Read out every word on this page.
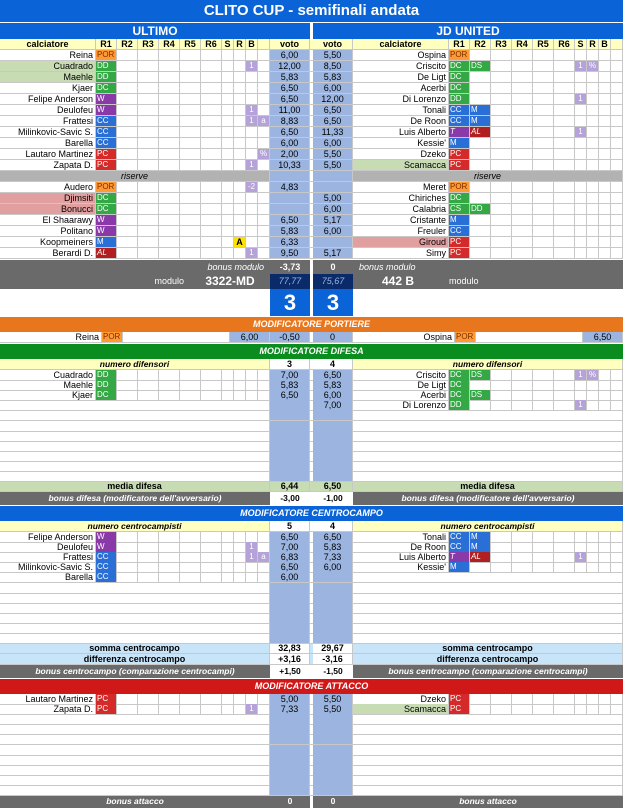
CLITO CUP - semifinali andata
ULTIMO	JD UNITED
calciatore	R1	R2	R3	R4	R5	R6 S R B	voto	voto	calciatore	R1	R2	R3	R4	R5	R6 S R B
riserve	riserve
bonus modulo	-3,73	0	bonus modulo
modulo	3322-MD	77,77	75,67	442 B	modulo
3	3
MODIFICATORE PORTIERE
Reina POR	6,00	-0,50	0	Ospina POR	6,50
MODIFICATORE DIFESA
numero difensori	3	4	numero difensori
media difesa	6,44	6,50	media difesa
bonus difesa (modificatore dell'avversario)	-3,00	-1,00	bonus difesa (modificatore dell'avversario)
MODIFICATORE CENTROCAMPO
numero centrocampisti	5	4	numero centrocampisti
somma centrocampo	32,83	29,67	somma centrocampo
differenza centrocampo	+3,16	-3,16	differenza centrocampo
bonus centrocampo (comparazione centrocampi)	+1,50	-1,50	bonus centrocampo (comparazione centrocampi)
MODIFICATORE ATTACCO
bonus attacco	0	0	bonus attacco
Reina POR	6,00	5,50	Ospina POR
Cuadrado DD	1	12,00	8,50	Criscito DC	DS	1 %
Maehle DD	5,83	5,83	De Ligt DC
Kjaer DC	6,50	6,00	Acerbi DC
Felipe Anderson W	6,50	12,00	Di Lorenzo DD	1
Deulofeu W	1	11,00	6,50	Tonali CC	M
Frattesi CC	1 a	8,83	6,50	De Roon CC	M
Milinkovic-Savic S. CC	6,50	11,33	Luis Alberto T	AL	1
Barella CC	6,00	6,00	Kessie' M
Lautaro Martinez PC	%	2,00	5,50	Dzeko PC
Zapata D. PC	1	10,33	5,50	Scamacca PC
Audero POR	-2	4,83	Meret POR
Djimsiti DC	5,00	Chiriches DC
Bonucci DC	6,00	Calabria CS	DD
El Shaarawy W	6,50	5,17	Cristante M
Politano W	5,83	6,00	Freuler CC
Koopmeiners M	A	6,33	Giroud PC
Berardi D. AL	1	9,50	5,17	Simy PC
Cuadrado DD	7,00	6,50	Criscito DC	DS	1 %
Maehle DD	5,83	5,83	De Ligt DC
Kjaer DC	6,50	6,00	Acerbi DC	DS
7,00	Di Lorenzo DD	1
Felipe Anderson W	6,50	6,50	Tonali CC	M
Deulofeu W	1	7,00	5,83	De Roon CC	M
Frattesi CC	1 a	6,83	7,33	Luis Alberto T	AL	1
Milinkovic-Savic S. CC	6,50	6,00	Kessie' M
Barella CC	6,00
Lautaro Martinez PC	5,00	5,50	Dzeko PC
Zapata D. PC	1	7,33	5,50	Scamacca PC
